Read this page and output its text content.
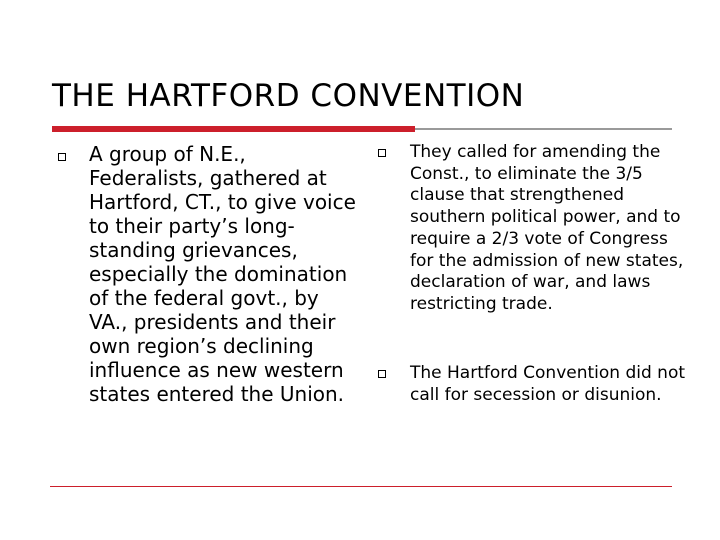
THE HARTFORD CONVENTION

A group of N.E., Federalists, gathered at Hartford, CT., to give voice to their party’s long-standing grievances, especially the domination of the federal govt., by VA., presidents and their own region’s declining influence as new western states entered the Union.

They called for amending the Const., to eliminate the 3/5 clause that strengthened southern political power, and to require a 2/3 vote of Congress for the admission of new states, declaration of war, and laws restricting trade.

The Hartford Convention did not call for secession or disunion.
